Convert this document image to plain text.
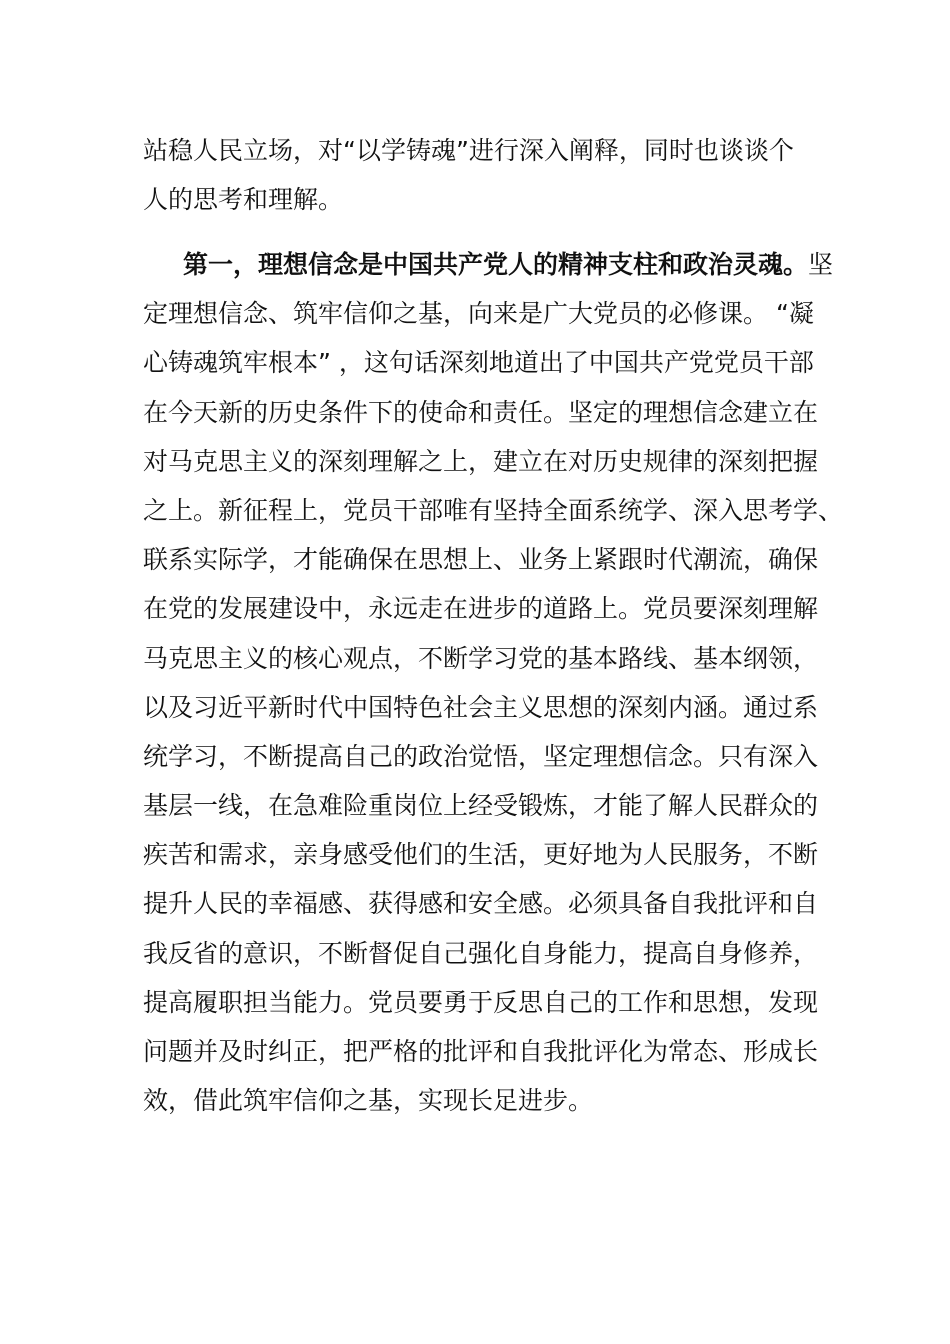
站稳人民立场，对“以学铸魂”进行深入阐释，同时也谈谈个
人的思考和理解。
第一，理想信念是中国共产党人的精神支柱和政治灵魂。坚
定理想信念、筑牢信仰之基，向来是广大党员的必修课。 “凝
心铸魂筑牢根本” ，这句话深刻地道出了中国共产党党员干部
在今天新的历史条件下的使命和责任。坚定的理想信念建立在
对马克思主义的深刻理解之上，建立在对历史规律的深刻把握
之上。新征程上，党员干部唯有坚持全面系统学、深入思考学、
联系实际学，才能确保在思想上、业务上紧跟时代潮流，确保
在党的发展建设中，永远走在进步的道路上。党员要深刻理解
马克思主义的核心观点，不断学习党的基本路线、基本纲领，
以及习近平新时代中国特色社会主义思想的深刻内涵。通过系
统学习，不断提高自己的政治觉悟，坚定理想信念。只有深入
基层一线，在急难险重岗位上经受锻炼，才能了解人民群众的
疾苦和需求，亲身感受他们的生活，更好地为人民服务，不断
提升人民的幸福感、获得感和安全感。必须具备自我批评和自
我反省的意识，不断督促自己强化自身能力，提高自身修养，
提高履职担当能力。党员要勇于反思自己的工作和思想，发现
问题并及时纠正，把严格的批评和自我批评化为常态、形成长
效，借此筑牢信仰之基，实现长足进步。
